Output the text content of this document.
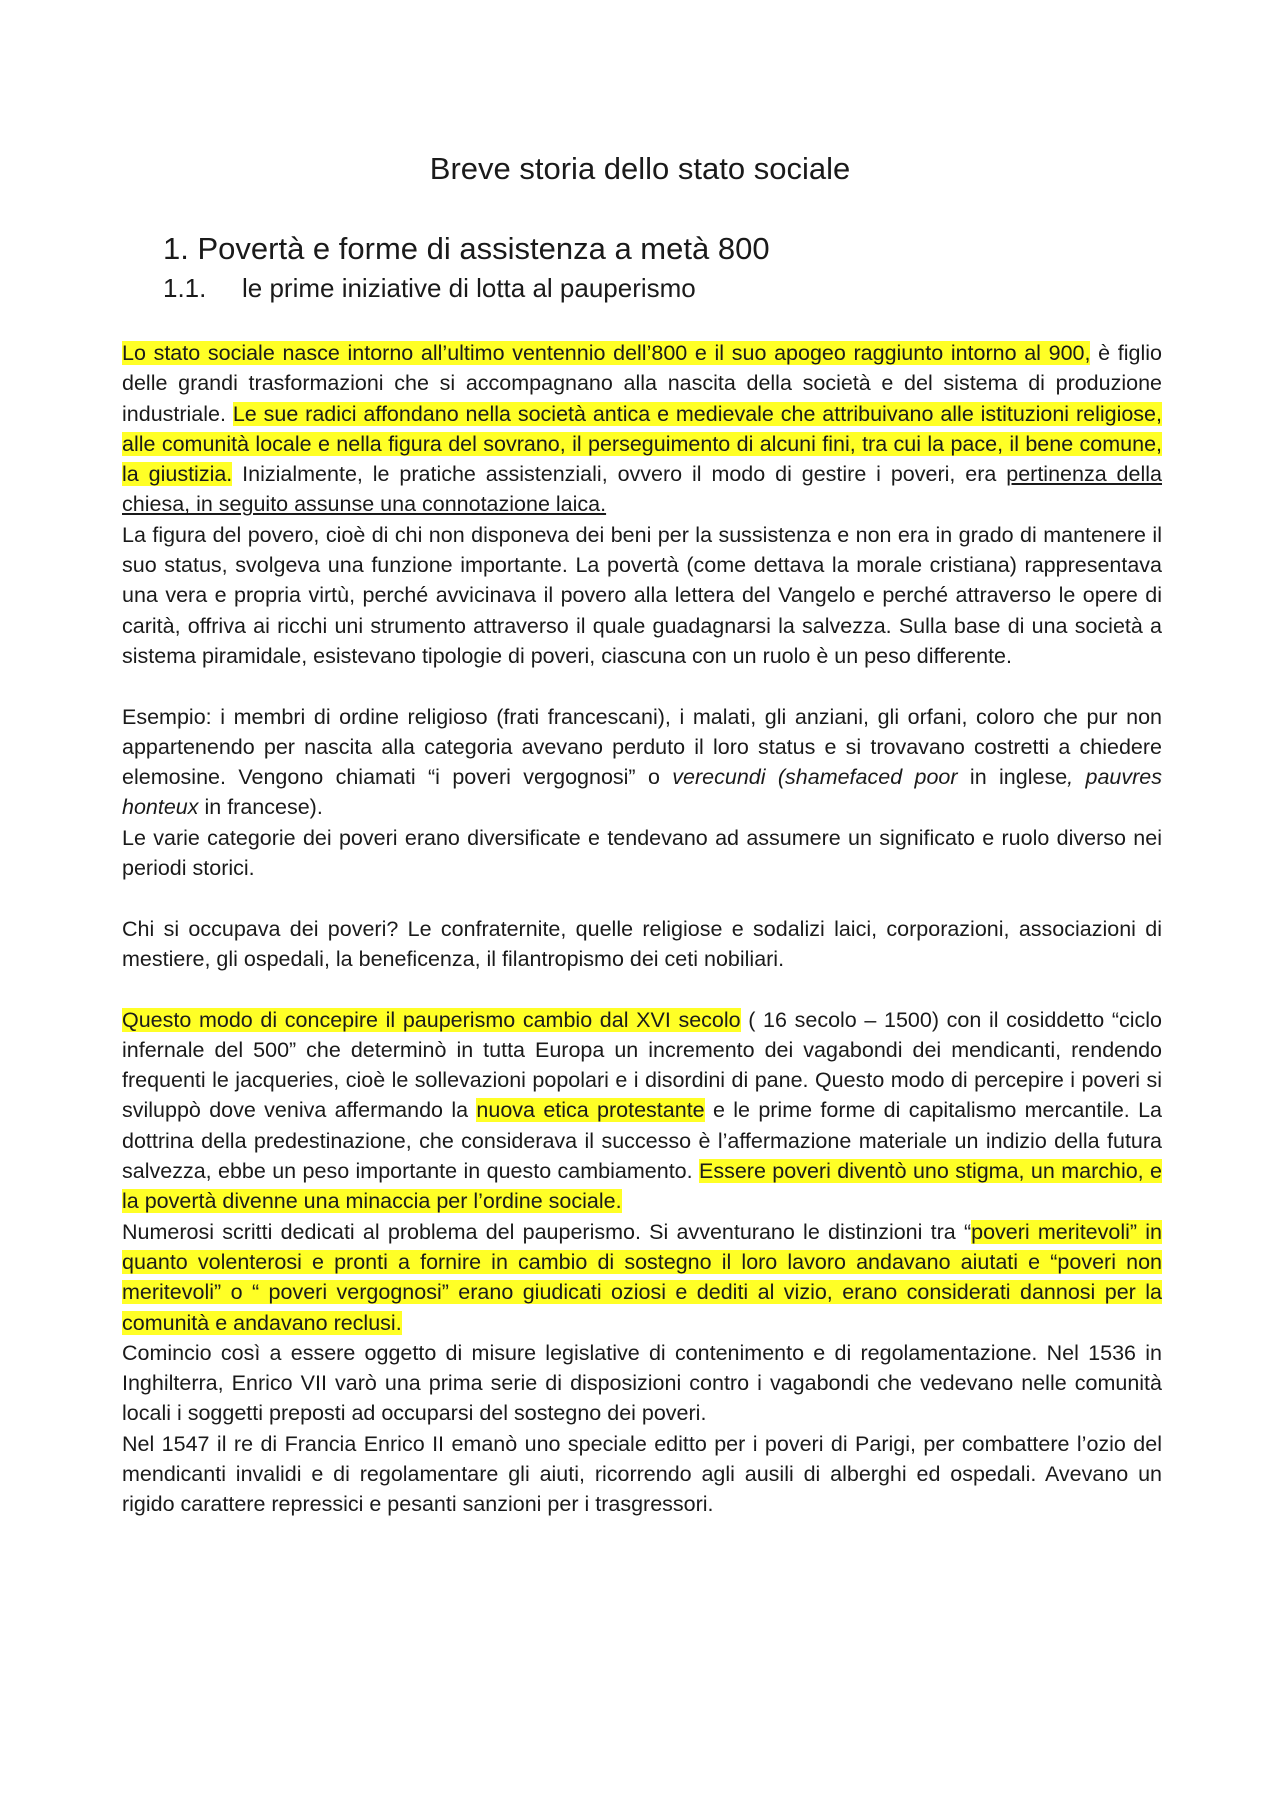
Breve storia dello stato sociale
1. Povertà e forme di assistenza a metà 800
1.1. le prime iniziative di lotta al pauperismo

Lo stato sociale nasce intorno all’ultimo ventennio dell’800 e il suo apogeo raggiunto intorno al 900, è figlio delle grandi trasformazioni che si accompagnano alla nascita della società e del sistema di produzione industriale. Le sue radici affondano nella società antica e medievale che attribuivano alle istituzioni religiose, alle comunità locale e nella figura del sovrano, il perseguimento di alcuni fini, tra cui la pace, il bene comune, la giustizia. Inizialmente, le pratiche assistenziali, ovvero il modo di gestire i poveri, era pertinenza della chiesa, in seguito assunse una connotazione laica.

La figura del povero, cioè di chi non disponeva dei beni per la sussistenza e non era in grado di mantenere il suo status, svolgeva una funzione importante. La povertà (come dettava la morale cristiana) rappresentava una vera e propria virtù, perché avvicinava il povero alla lettera del Vangelo e perché attraverso le opere di carità, offriva ai ricchi uni strumento attraverso il quale guadagnarsi la salvezza. Sulla base di una società a sistema piramidale, esistevano tipologie di poveri, ciascuna con un ruolo è un peso differente.

Esempio: i membri di ordine religioso (frati francescani), i malati, gli anziani, gli orfani, coloro che pur non appartenendo per nascita alla categoria avevano perduto il loro status e si trovavano costretti a chiedere elemosine. Vengono chiamati “i poveri vergognosi” o verecundi (shamefaced poor in inglese, pauvres honteux in francese).

Le varie categorie dei poveri erano diversificate e tendevano ad assumere un significato e ruolo diverso nei periodi storici.

Chi si occupava dei poveri? Le confraternite, quelle religiose e sodalizi laici, corporazioni, associazioni di mestiere, gli ospedali, la beneficenza, il filantropismo dei ceti nobiliari.

Questo modo di concepire il pauperismo cambio dal XVI secolo ( 16 secolo – 1500) con il cosiddetto “ciclo infernale del 500” che determinò in tutta Europa un incremento dei vagabondi dei mendicanti, rendendo frequenti le jacqueries, cioè le sollevazioni popolari e i disordini di pane. Questo modo di percepire i poveri si sviluppò dove veniva affermando la nuova etica protestante e le prime forme di capitalismo mercantile. La dottrina della predestinazione, che considerava il successo è l’affermazione materiale un indizio della futura salvezza, ebbe un peso importante in questo cambiamento. Essere poveri diventò uno stigma, un marchio, e la povertà divenne una minaccia per l’ordine sociale.

Numerosi scritti dedicati al problema del pauperismo. Si avventurano le distinzioni tra “poveri meritevoli” in quanto volenterosi e pronti a fornire in cambio di sostegno il loro lavoro andavano aiutati e “poveri non meritevoli” o “ poveri vergognosi” erano giudicati oziosi e dediti al vizio, erano considerati dannosi per la comunità e andavano reclusi.

Comincio così a essere oggetto di misure legislative di contenimento e di regolamentazione. Nel 1536 in Inghilterra, Enrico VII varò una prima serie di disposizioni contro i vagabondi che vedevano nelle comunità locali i soggetti preposti ad occuparsi del sostegno dei poveri.

Nel 1547 il re di Francia Enrico II emanò uno speciale editto per i poveri di Parigi, per combattere l’ozio del mendicanti invalidi e di regolamentare gli aiuti, ricorrendo agli ausili di alberghi ed ospedali. Avevano un rigido carattere repressici e pesanti sanzioni per i trasgressori.
